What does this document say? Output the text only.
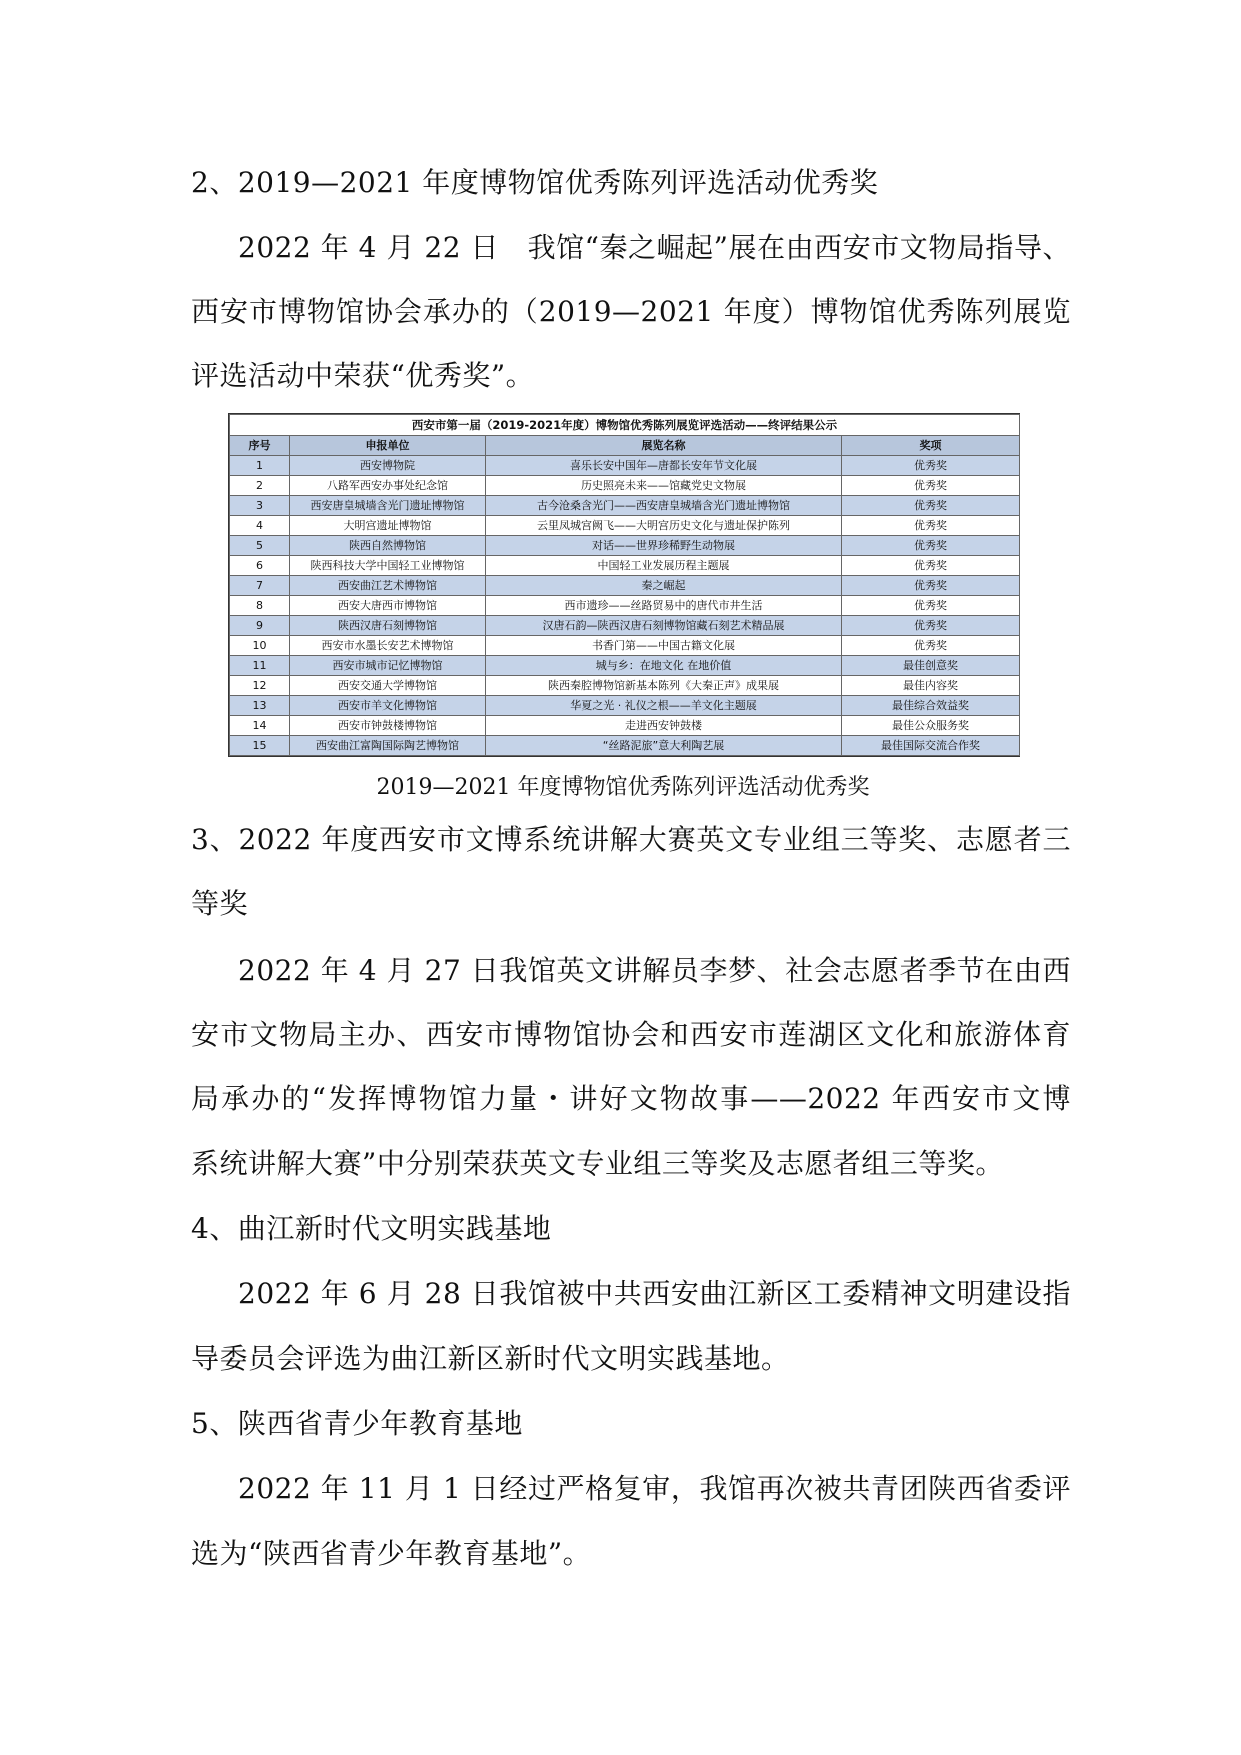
2、2019—2021 年度博物馆优秀陈列评选活动优秀奖
2022 年 4 月 22 日　我馆“秦之崛起”展在由西安市文物局指导、
西安市博物馆协会承办的（2019—2021 年度）博物馆优秀陈列展览
评选活动中荣获“优秀奖”。
西安市第一届（2019-2021年度）博物馆优秀陈列展览评选活动——终评结果公示			
序号	申报单位	展览名称	奖项
1	西安博物院	喜乐长安中国年—唐都长安年节文化展	优秀奖
2	八路军西安办事处纪念馆	历史照亮未来——馆藏党史文物展	优秀奖
3	西安唐皇城墙含光门遗址博物馆	古今沧桑含光门——西安唐皇城墙含光门遗址博物馆	优秀奖
4	大明宫遗址博物馆	云里凤城宫阙飞——大明宫历史文化与遗址保护陈列	优秀奖
5	陕西自然博物馆	对话——世界珍稀野生动物展	优秀奖
6	陕西科技大学中国轻工业博物馆	中国轻工业发展历程主题展	优秀奖
7	西安曲江艺术博物馆	秦之崛起	优秀奖
8	西安大唐西市博物馆	西市遗珍——丝路贸易中的唐代市井生活	优秀奖
9	陕西汉唐石刻博物馆	汉唐石韵—陕西汉唐石刻博物馆藏石刻艺术精品展	优秀奖
10	西安市水墨长安艺术博物馆	书香门第——中国古籍文化展	优秀奖
11	西安市城市记忆博物馆	城与乡：在地文化 在地价值	最佳创意奖
12	西安交通大学博物馆	陕西秦腔博物馆新基本陈列《大秦正声》成果展	最佳内容奖
13	西安市羊文化博物馆	华夏之光 · 礼仪之根——羊文化主题展	最佳综合效益奖
14	西安市钟鼓楼博物馆	走进西安钟鼓楼	最佳公众服务奖
15	西安曲江富陶国际陶艺博物馆	“丝路泥旅”意大利陶艺展	最佳国际交流合作奖
2019—2021 年度博物馆优秀陈列评选活动优秀奖
3、2022 年度西安市文博系统讲解大赛英文专业组三等奖、志愿者三
等奖
2022 年 4 月 27 日我馆英文讲解员李梦、社会志愿者季节在由西
安市文物局主办、西安市博物馆协会和西安市莲湖区文化和旅游体育
局承办的“发挥博物馆力量・讲好文物故事——2022 年西安市文博
系统讲解大赛”中分别荣获英文专业组三等奖及志愿者组三等奖。
4、曲江新时代文明实践基地
2022 年 6 月 28 日我馆被中共西安曲江新区工委精神文明建设指
导委员会评选为曲江新区新时代文明实践基地。
5、陕西省青少年教育基地
2022 年 11 月 1 日经过严格复审，我馆再次被共青团陕西省委评
选为“陕西省青少年教育基地”。
